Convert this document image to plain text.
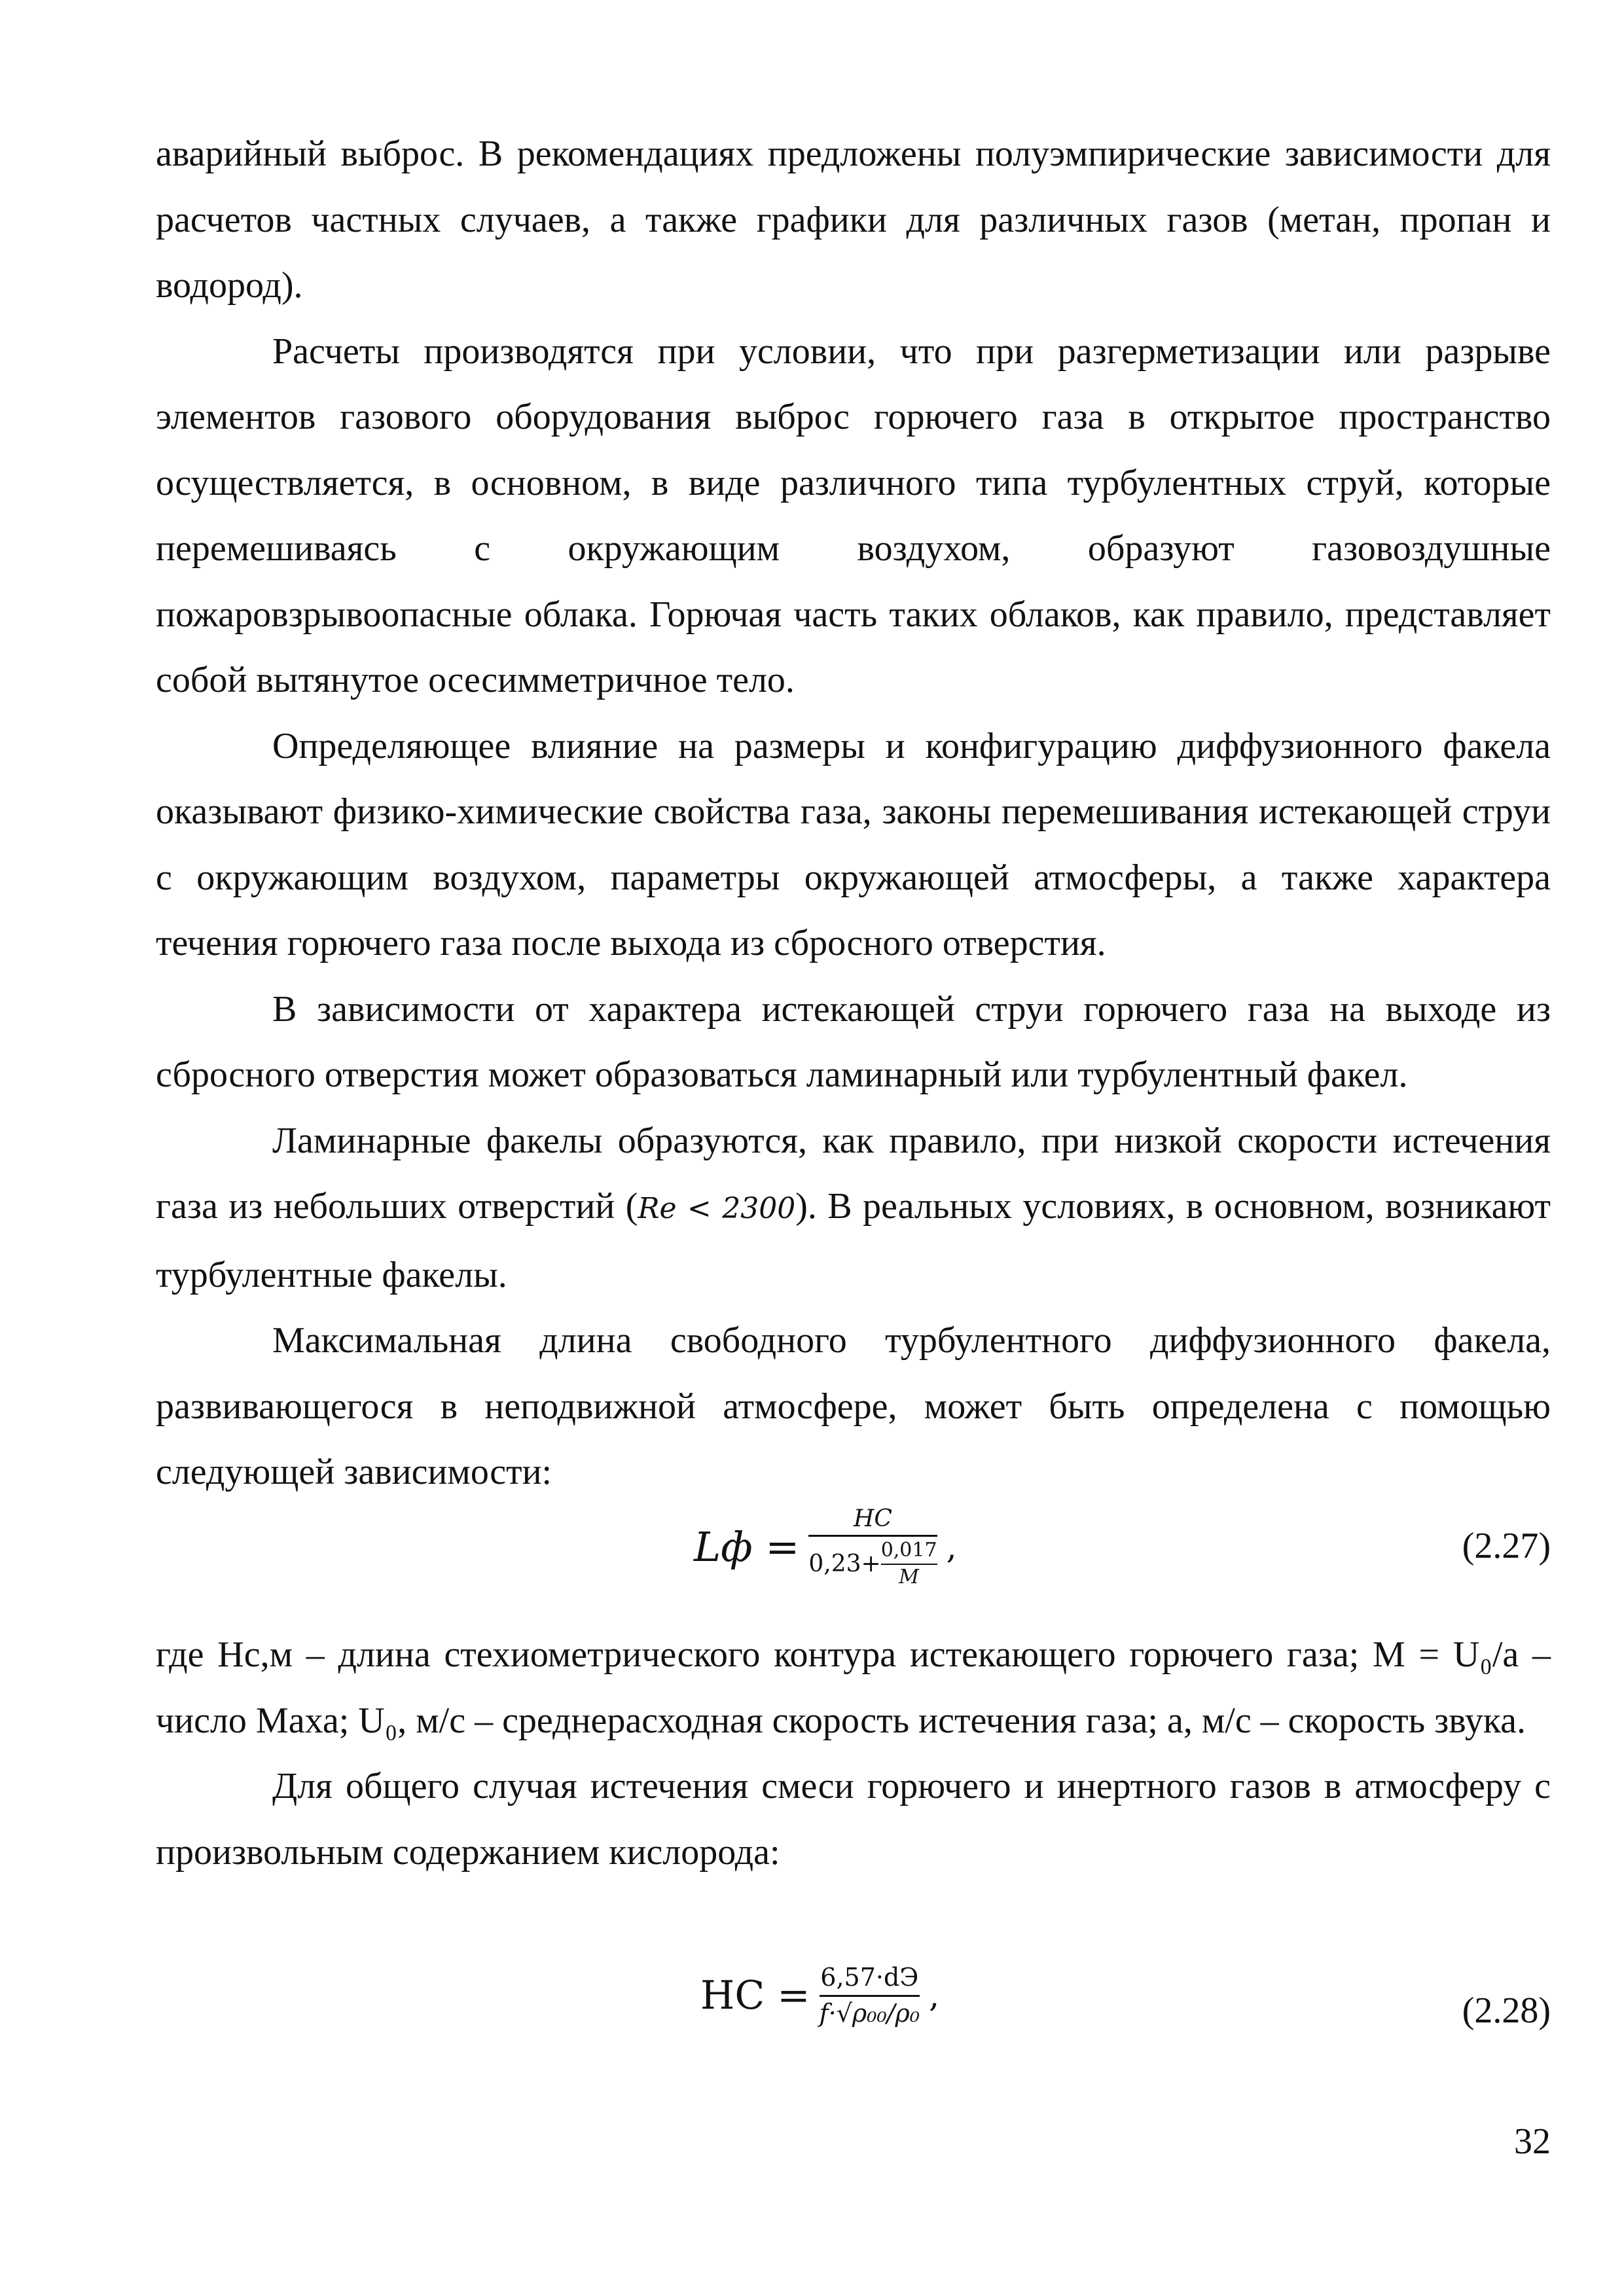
аварийный выброс. В рекомендациях предложены полуэмпирические зависимости для расчетов частных случаев, а также графики для различных газов (метан, пропан и водород).

Расчеты производятся при условии, что при разгерметизации или разрыве элементов газового оборудования выброс горючего газа в открытое пространство осуществляется, в основном, в виде различного типа турбулентных струй, которые перемешиваясь с окружающим воздухом, образуют газовоздушные пожаровзрывоопасные облака. Горючая часть таких облаков, как правило, представляет собой вытянутое осесимметричное тело.

Определяющее влияние на размеры и конфигурацию диффузионного факела оказывают физико-химические свойства газа, законы перемешивания истекающей струи с окружающим воздухом, параметры окружающей атмосферы, а также характера течения горючего газа после выхода из сбросного отверстия.

В зависимости от характера истекающей струи горючего газа на выходе из сбросного отверстия может образоваться ламинарный или турбулентный факел.

Ламинарные факелы образуются, как правило, при низкой скорости истечения газа из небольших отверстий (Re < 2300). В реальных условиях, в основном, возникают турбулентные факелы.

Максимальная длина свободного турбулентного диффузионного факела, развивающегося в неподвижной атмосфере, может быть определена с помощью следующей зависимости:

Lф =
HC
$0,23+ \frac{0,017}{M}$ ,	(2.27)

где Hc,м – длина стехиометрического контура истекающего горючего газа; M = U₀/a – число Маха; U₀, м/с – среднерасходная скорость истечения газа; a, м/с – скорость звука.

Для общего случая истечения смеси горючего и инертного газов в атмосферу с произвольным содержанием кислорода:

HC = $\frac{6,57\cdot dЭ}{\text{f·√ρ₀₀/ρ₀}}$ ,	(2.28)
32
